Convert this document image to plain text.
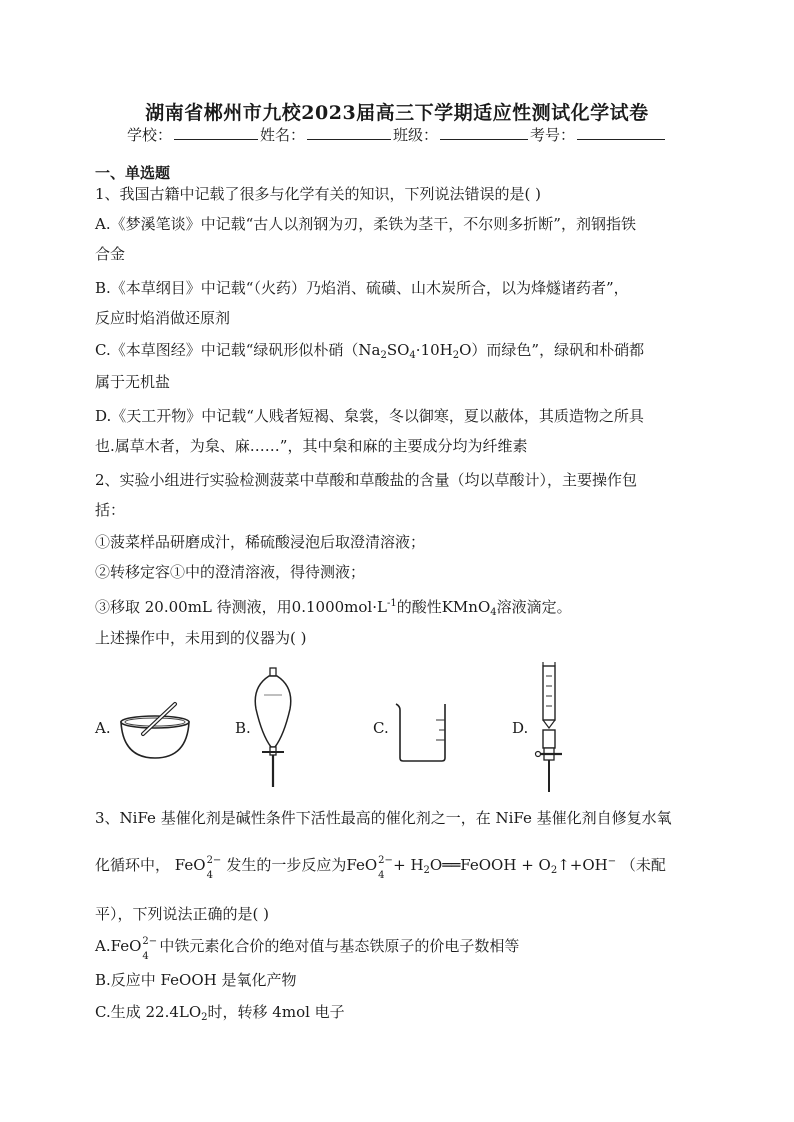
湖南省郴州市九校2023届高三下学期适应性测试化学试卷
学校：	姓名：	班级：	考号：
一、单选题
1、我国古籍中记载了很多与化学有关的知识，下列说法错误的是( )
A.《梦溪笔谈》中记载“古人以剂钢为刃，柔铁为茎干，不尔则多折断”，剂钢指铁
合金
B.《本草纲目》中记载“（火药）乃焰消、硫磺、山木炭所合，以为烽燧诸药者”，
反应时焰消做还原剂
C.《本草图经》中记载“绿矾形似朴硝$(Na_2SO_4\cdot 10H_2O)$而绿色”，绿矾和朴硝都
属于无机盐
D.《天工开物》中记载“人贱者短褐、枲裳，冬以御寒，夏以蔽体，其质造物之所具
也.属草木者，为枲、麻……”，其中枲和麻的主要成分均为纤维素
2、实验小组进行实验检测菠菜中草酸和草酸盐的含量（均以草酸计），主要操作包
括：
①菠菜样品研磨成汁，稀硫酸浸泡后取澄清溶液；
②转移定容①中的澄清溶液，得待测液；
③移取 20.00mL 待测液，用$0.1000mol\cdot L^{-1}$的酸性KMnO$_4$溶液滴定。
上述操作中，未用到的仪器为( )
A.	B.	C.	D.
3、NiFe 基催化剂是碱性条件下活性最高的催化剂之一，在 NiFe 基催化剂自修复水氧
化循环中， FeO 2−
4
发生的一步反应为FeO 2−
4
+ $H_2O══FeOOH$ + $O_2↑+OH^-$ （未配
平），下列说法正确的是( )
A.FeO 2−
4
中铁元素化合价的绝对值与基态铁原子的价电子数相等
B.反应中 FeOOH 是氧化产物
C.生成 $22.4LO_2$时，转移 4mol 电子
